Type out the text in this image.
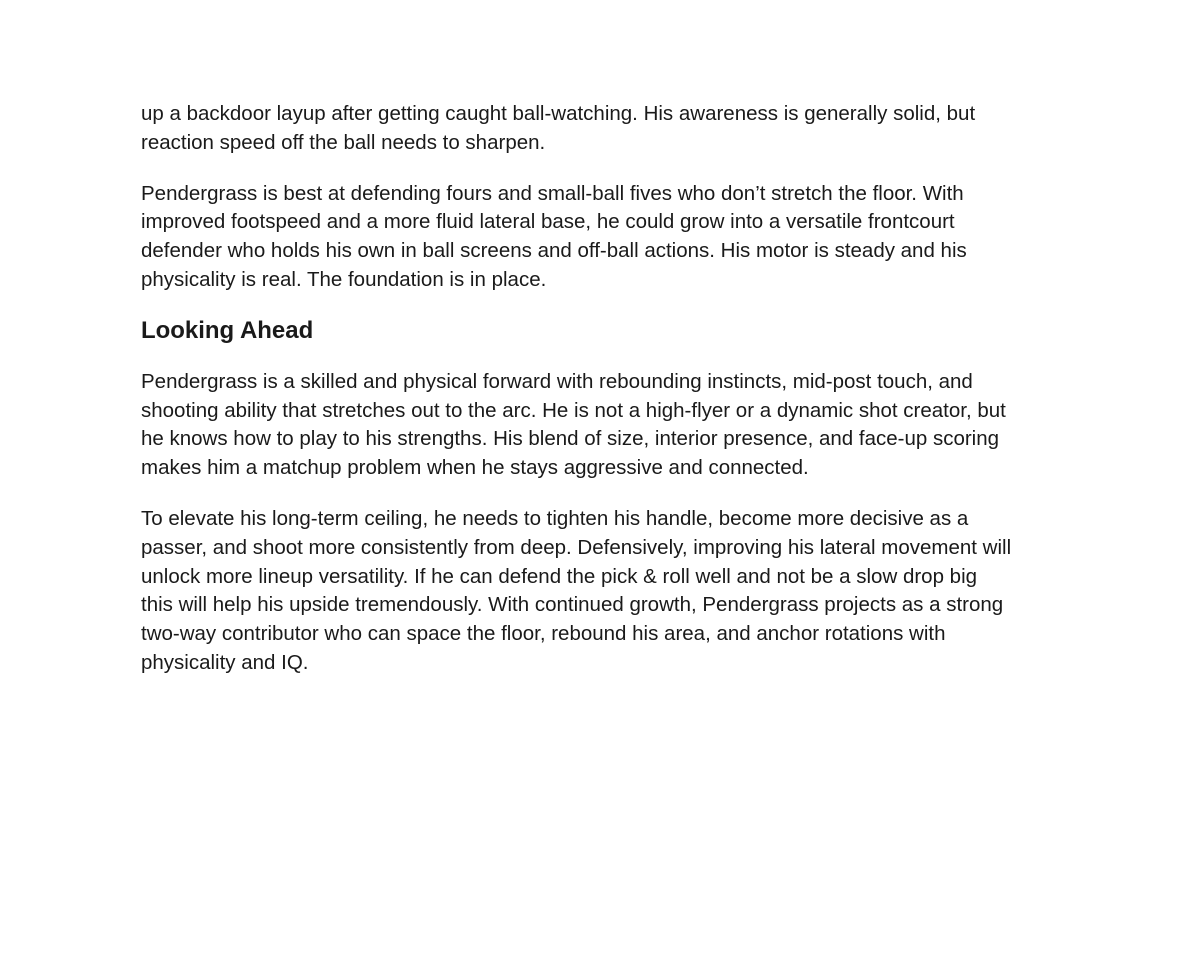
up a backdoor layup after getting caught ball-watching. His awareness is generally solid, but
reaction speed off the ball needs to sharpen.

Pendergrass is best at defending fours and small-ball fives who don’t stretch the floor. With
improved footspeed and a more fluid lateral base, he could grow into a versatile frontcourt
defender who holds his own in ball screens and off-ball actions. His motor is steady and his
physicality is real. The foundation is in place.

Looking Ahead

Pendergrass is a skilled and physical forward with rebounding instincts, mid-post touch, and
shooting ability that stretches out to the arc. He is not a high-flyer or a dynamic shot creator, but
he knows how to play to his strengths. His blend of size, interior presence, and face-up scoring
makes him a matchup problem when he stays aggressive and connected.

To elevate his long-term ceiling, he needs to tighten his handle, become more decisive as a
passer, and shoot more consistently from deep. Defensively, improving his lateral movement will
unlock more lineup versatility. If he can defend the pick & roll well and not be a slow drop big
this will help his upside tremendously. With continued growth, Pendergrass projects as a strong
two-way contributor who can space the floor, rebound his area, and anchor rotations with
physicality and IQ.
